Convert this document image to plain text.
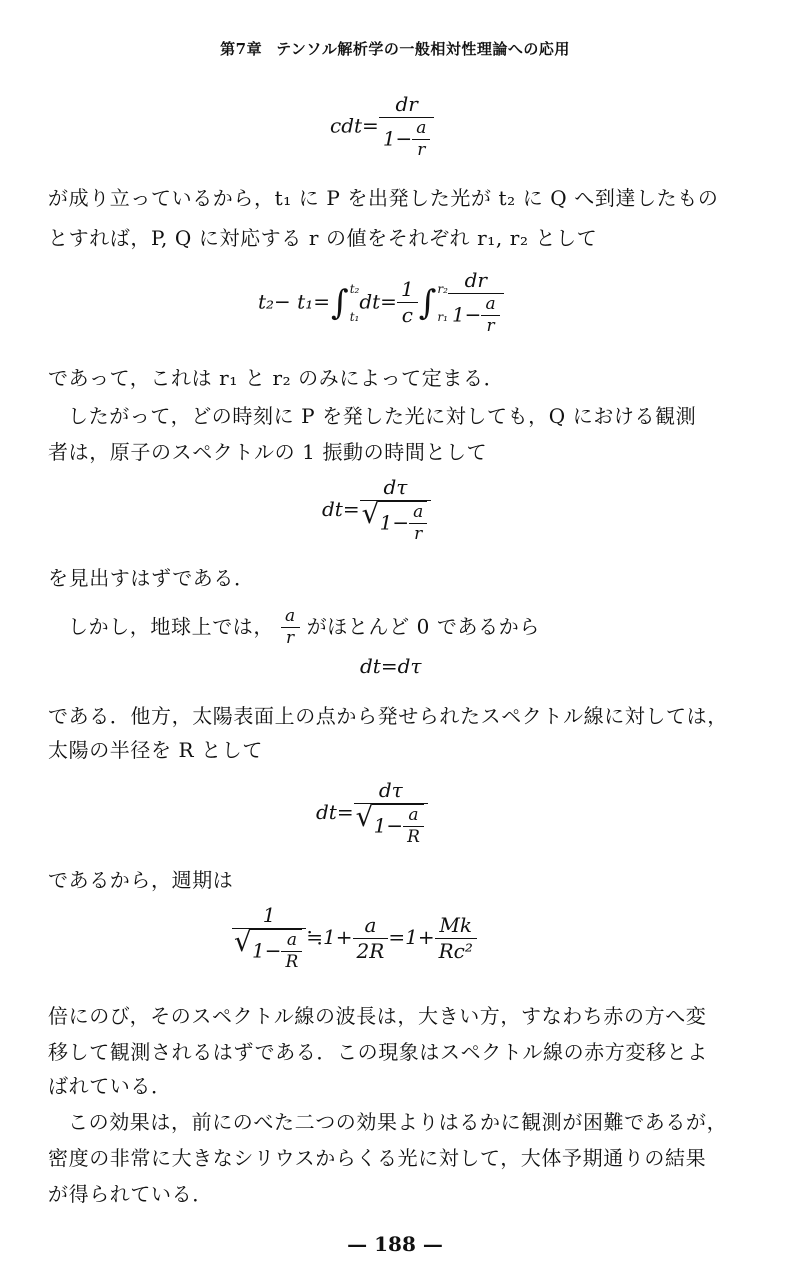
第7章 テンソル解析学の一般相対性理論への応用
$cdt= \frac{dr}{1- \frac{a}{r}}$
が成り立っているから，t₁ に P を出発した光が t₂ に Q へ到達したもの
とすれば，P, Q に対応する r の値をそれぞれ r₁, r₂ として
t₂− t₁=∫ t₂
t₁
$dt= \frac{1}{c}$ ∫ r₂
$r_1 \frac{dr}{1- \frac{a}{r}}$
であって，これは r₁ と r₂ のみによって定まる．
したがって，どの時刻に P を発した光に対しても，Q における観測
者は，原子のスペクトルの 1 振動の時間として
dt= dτ
√ $1- \frac{a}{r}$
を見出すはずである．
しかし，地球上では， $\frac{a}{r}$ がほとんど 0 であるから
dt=dτ
である．他方，太陽表面上の点から発せられたスペクトル線に対しては，
太陽の半径を R として
dt= dτ
√ $1- \frac{a}{R}$
であるから，週期は
1
√ $1- \frac{a}{R}$ ≒1+ $\frac{a}{2R} =1+ \frac{Mk}{\text{Rc²}}$
倍にのび，そのスペクトル線の波長は，大きい方，すなわち赤の方へ変
移して観測されるはずである．この現象はスペクトル線の赤方変移とよ
ばれている．
この効果は，前にのべた二つの効果よりはるかに観測が困難であるが，
密度の非常に大きなシリウスからくる光に対して，大体予期通りの結果
が得られている．
— 188 —
